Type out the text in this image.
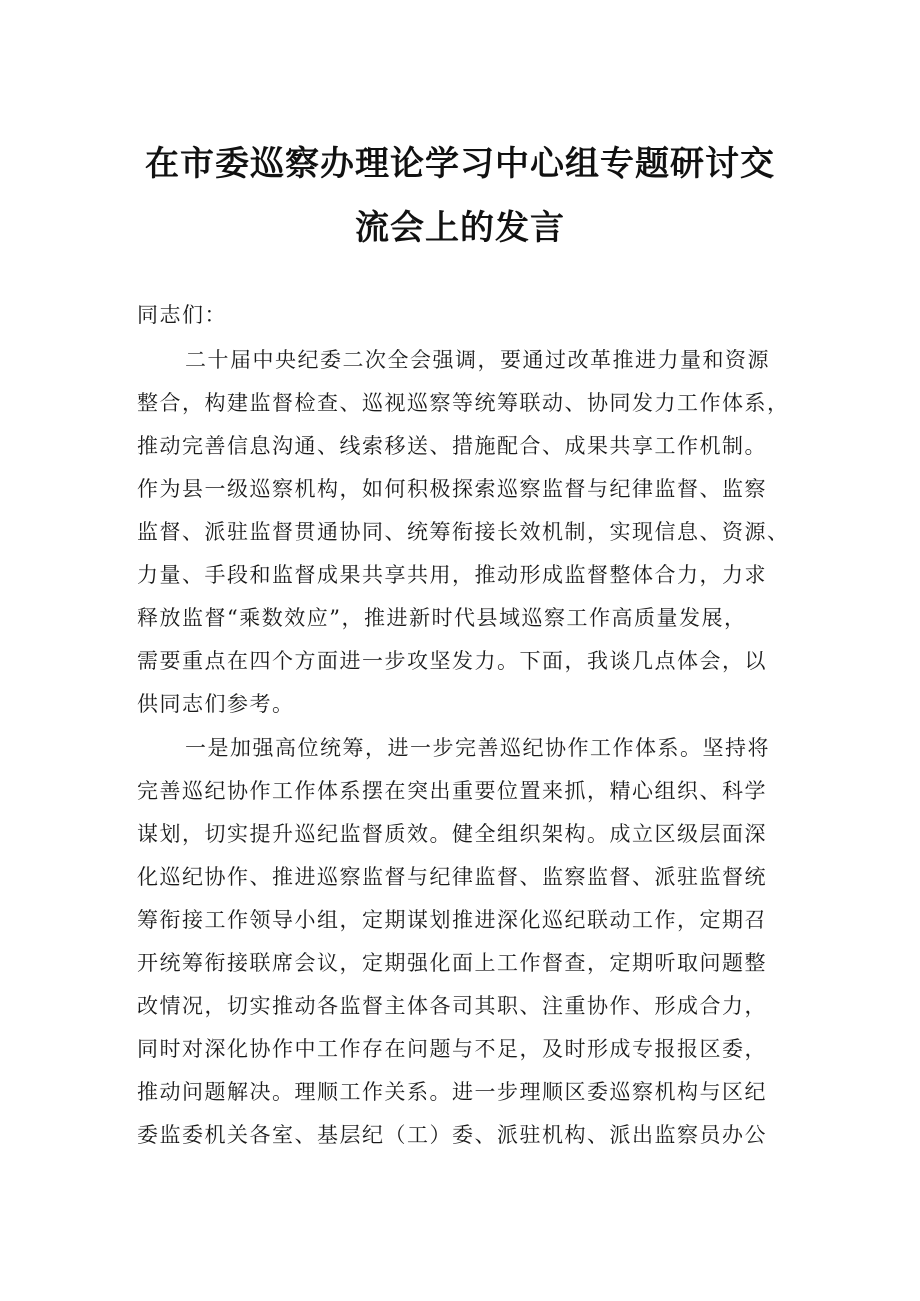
在市委巡察办理论学习中心组专题研讨交
流会上的发言
同志们：
二十届中央纪委二次全会强调，要通过改革推进力量和资源
整合，构建监督检查、巡视巡察等统筹联动、协同发力工作体系，
推动完善信息沟通、线索移送、措施配合、成果共享工作机制。
作为县一级巡察机构，如何积极探索巡察监督与纪律监督、监察
监督、派驻监督贯通协同、统筹衔接长效机制，实现信息、资源、
力量、手段和监督成果共享共用，推动形成监督整体合力，力求
释放监督“乘数效应”，推进新时代县域巡察工作高质量发展，
需要重点在四个方面进一步攻坚发力。下面，我谈几点体会，以
供同志们参考。
一是加强高位统筹，进一步完善巡纪协作工作体系。坚持将
完善巡纪协作工作体系摆在突出重要位置来抓，精心组织、科学
谋划，切实提升巡纪监督质效。健全组织架构。成立区级层面深
化巡纪协作、推进巡察监督与纪律监督、监察监督、派驻监督统
筹衔接工作领导小组，定期谋划推进深化巡纪联动工作，定期召
开统筹衔接联席会议，定期强化面上工作督查，定期听取问题整
改情况，切实推动各监督主体各司其职、注重协作、形成合力，
同时对深化协作中工作存在问题与不足，及时形成专报报区委，
推动问题解决。理顺工作关系。进一步理顺区委巡察机构与区纪
委监委机关各室、基层纪（工）委、派驻机构、派出监察员办公
